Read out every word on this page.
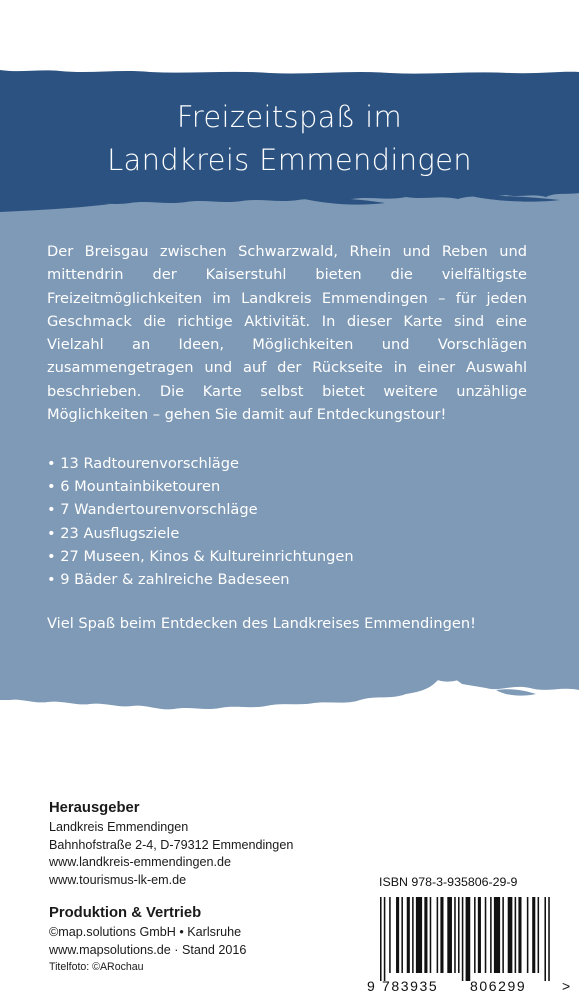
Freizeitspaß im
Landkreis Emmendingen

Der Breisgau zwischen Schwarzwald, Rhein und Reben und mittendrin der Kaiserstuhl bieten die vielfältigste Freizeitmöglichkeiten im Landkreis Emmendingen – für jeden Geschmack die richtige Aktivität. In dieser Karte sind eine Vielzahl an Ideen, Möglichkeiten und Vorschlägen zusammengetragen und auf der Rückseite in einer Auswahl beschrieben. Die Karte selbst bietet weitere unzählige Möglichkeiten – gehen Sie damit auf Entdeckungstour!

• 13 Radtourenvorschläge
• 6 Mountainbiketouren
• 7 Wandertourenvorschläge
• 23 Ausflugsziele
• 27 Museen, Kinos & Kultureinrichtungen
• 9 Bäder & zahlreiche Badeseen

Viel Spaß beim Entdecken des Landkreises Emmendingen!

Herausgeber
Landkreis Emmendingen
Bahnhofstraße 2-4, D-79312 Emmendingen
www.landkreis-emmendingen.de
www.tourismus-lk-em.de
Produktion & Vertrieb
©map.solutions GmbH • Karlsruhe
www.mapsolutions.de · Stand 2016
Titelfoto: ©ARochau
ISBN 978-3-935806-29-9
9 783935 806299	>
